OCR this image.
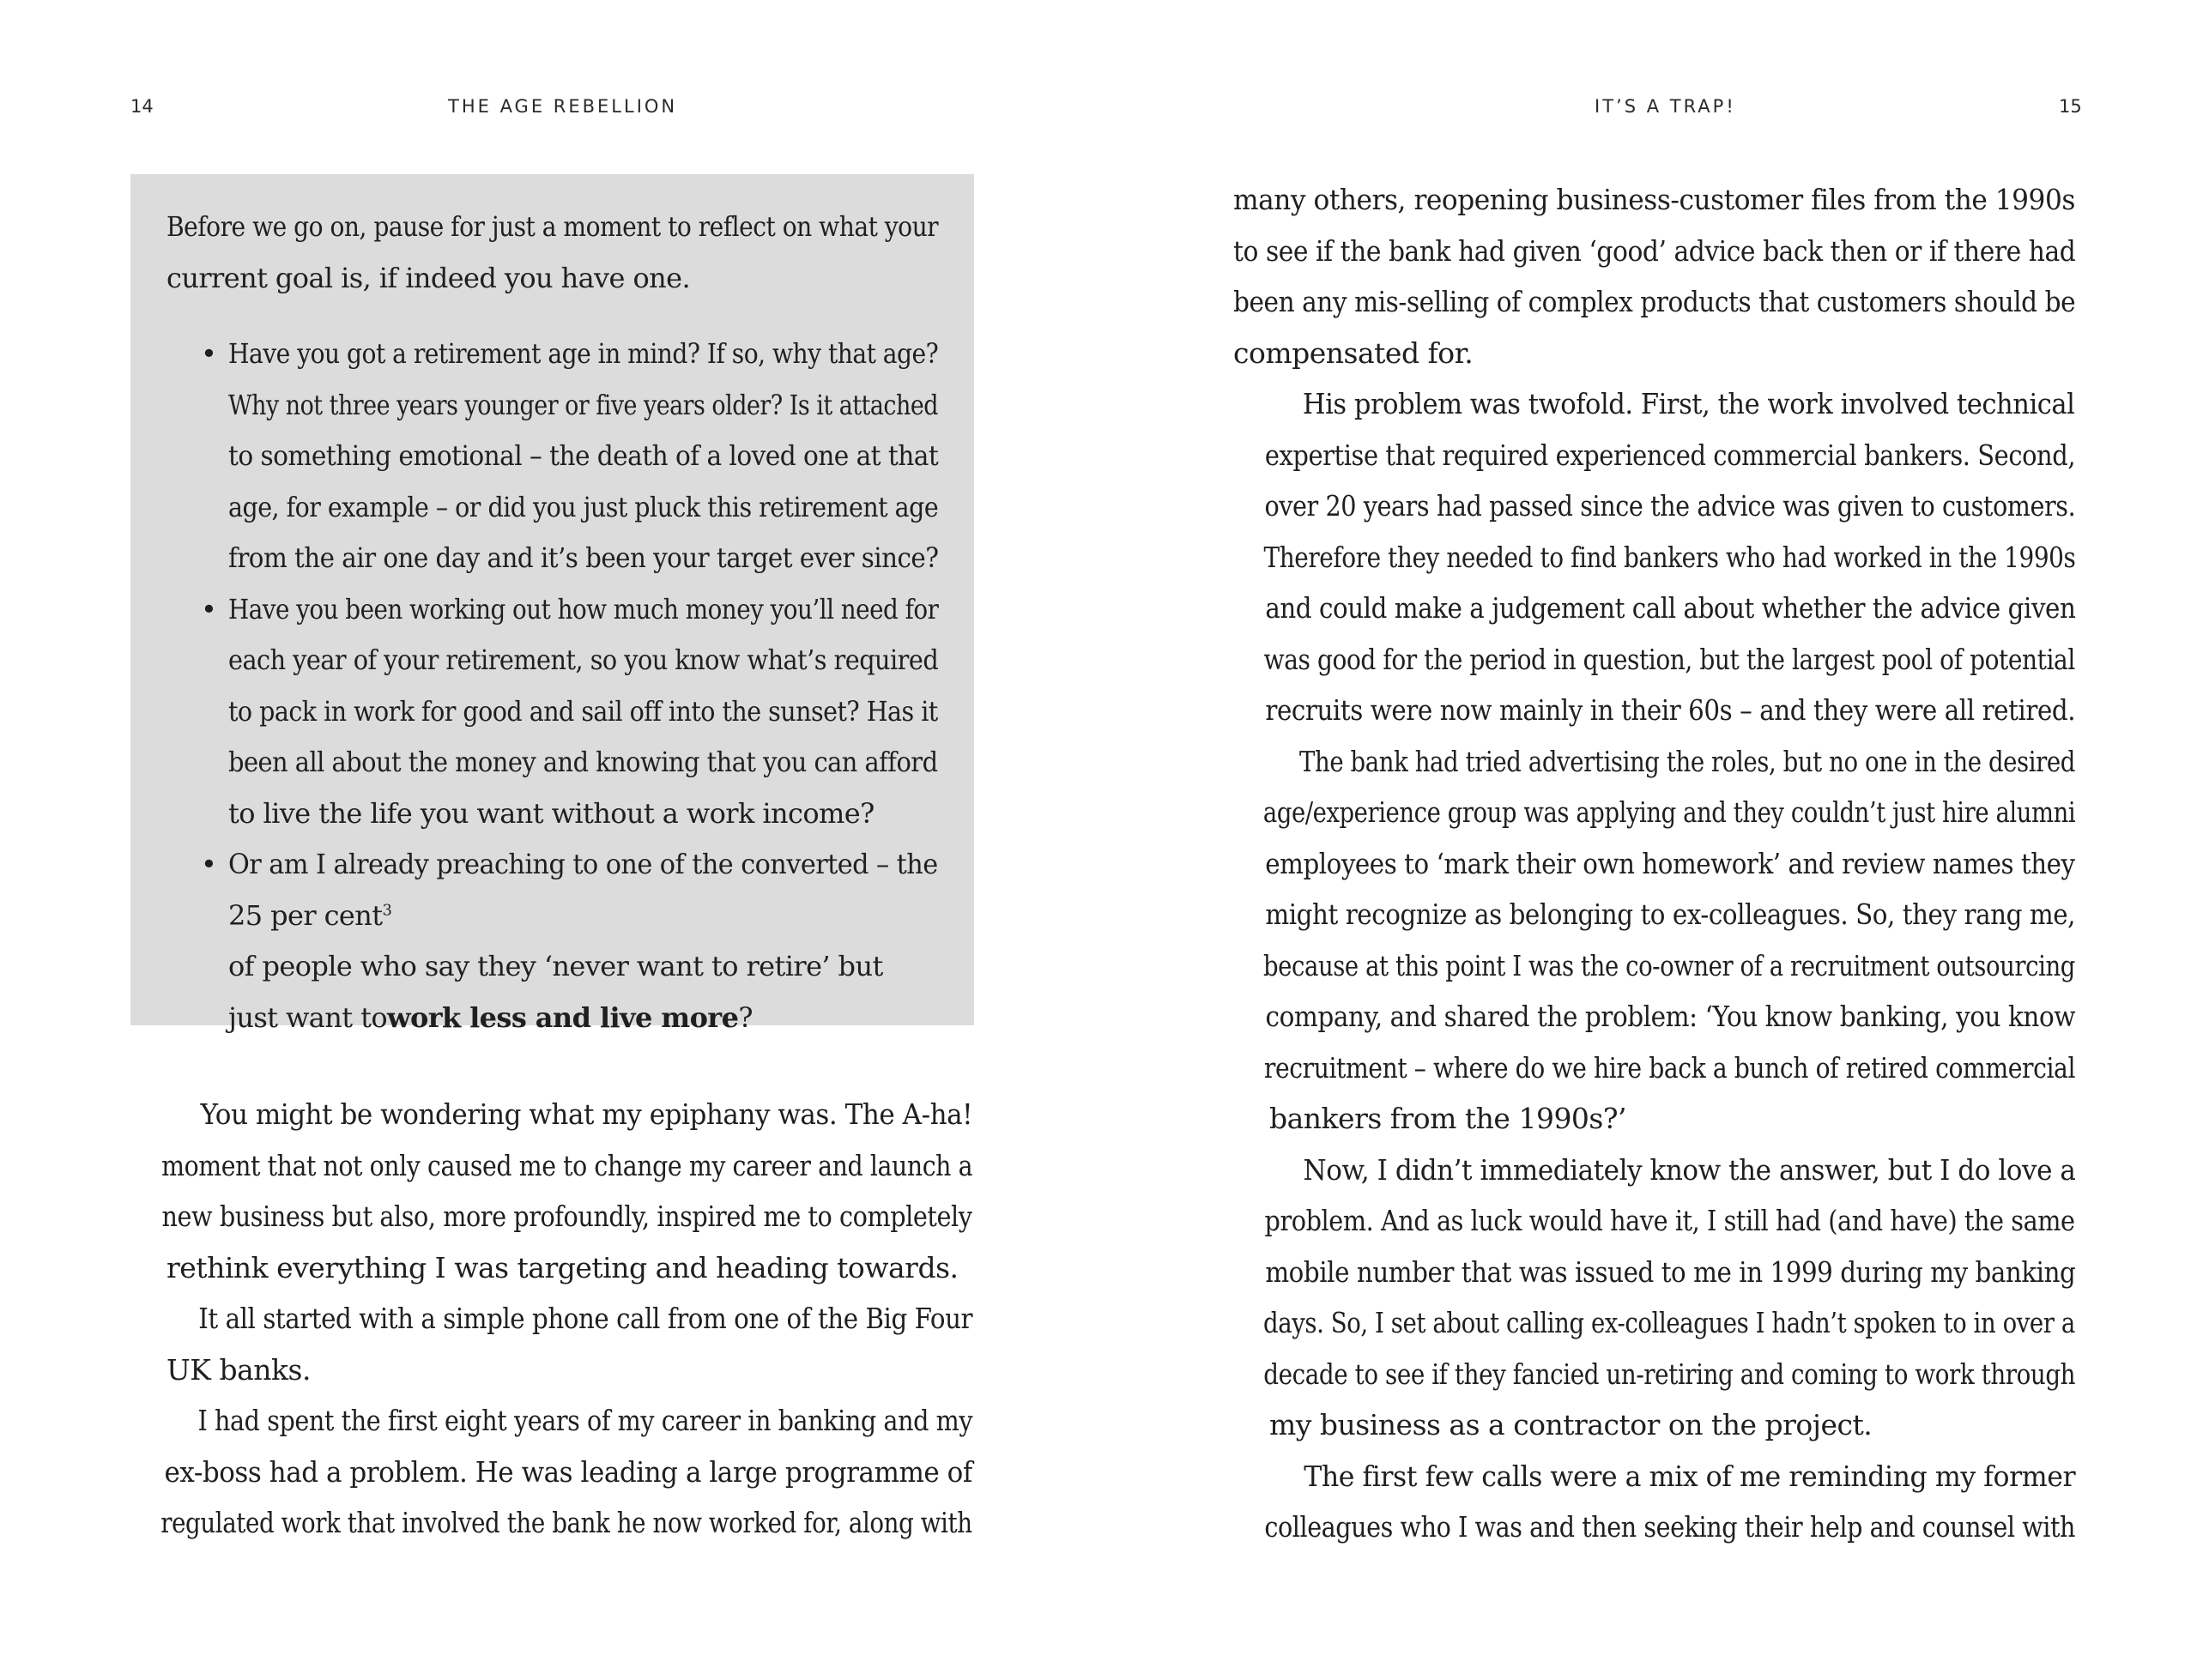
14	THE AGE REBELLION

Before we go on, pause for just a moment to reflect on what your
current goal is, if indeed you have one.

• Have you got a retirement age in mind? If so, why that age?
Why not three years younger or five years older? Is it attached
to something emotional – the death of a loved one at that
age, for example – or did you just pluck this retirement age
from the air one day and it’s been your target ever since?
• Have you been working out how much money you’ll need for
each year of your retirement, so you know what’s required
to pack in work for good and sail off into the sunset? Has it
been all about the money and knowing that you can afford
to live the life you want without a work income?
• Or am I already preaching to one of the converted – the
25 per cent$^3$of people who say they ‘never want to retire’ but
just want towork less and live more?

You might be wondering what my epiphany was. The A-ha!
moment that not only caused me to change my career and launch a
new business but also, more profoundly, inspired me to completely
rethink everything I was targeting and heading towards.

It all started with a simple phone call from one of the Big Four
UK banks.

I had spent the first eight years of my career in banking and my
ex-boss had a problem. He was leading a large programme of
regulated work that involved the bank he now worked for, along with

IT’S A TRAP!	15

many others, reopening business-customer files from the 1990s
to see if the bank had given ‘good’ advice back then or if there had
been any mis-selling of complex products that customers should be
compensated for.

His problem was twofold. First, the work involved technical
expertise that required experienced commercial bankers. Second,
over 20 years had passed since the advice was given to customers.
Therefore they needed to find bankers who had worked in the 1990s
and could make a judgement call about whether the advice given
was good for the period in question, but the largest pool of potential
recruits were now mainly in their 60s – and they were all retired.

The bank had tried advertising the roles, but no one in the desired
age/experience group was applying and they couldn’t just hire alumni
employees to ‘mark their own homework’ and review names they
might recognize as belonging to ex-colleagues. So, they rang me,
because at this point I was the co-owner of a recruitment outsourcing
company, and shared the problem: ‘You know banking, you know
recruitment – where do we hire back a bunch of retired commercial
bankers from the 1990s?’

Now, I didn’t immediately know the answer, but I do love a
problem. And as luck would have it, I still had (and have) the same
mobile number that was issued to me in 1999 during my banking
days. So, I set about calling ex-colleagues I hadn’t spoken to in over a
decade to see if they fancied un-retiring and coming to work through
my business as a contractor on the project.

The first few calls were a mix of me reminding my former
colleagues who I was and then seeking their help and counsel with
